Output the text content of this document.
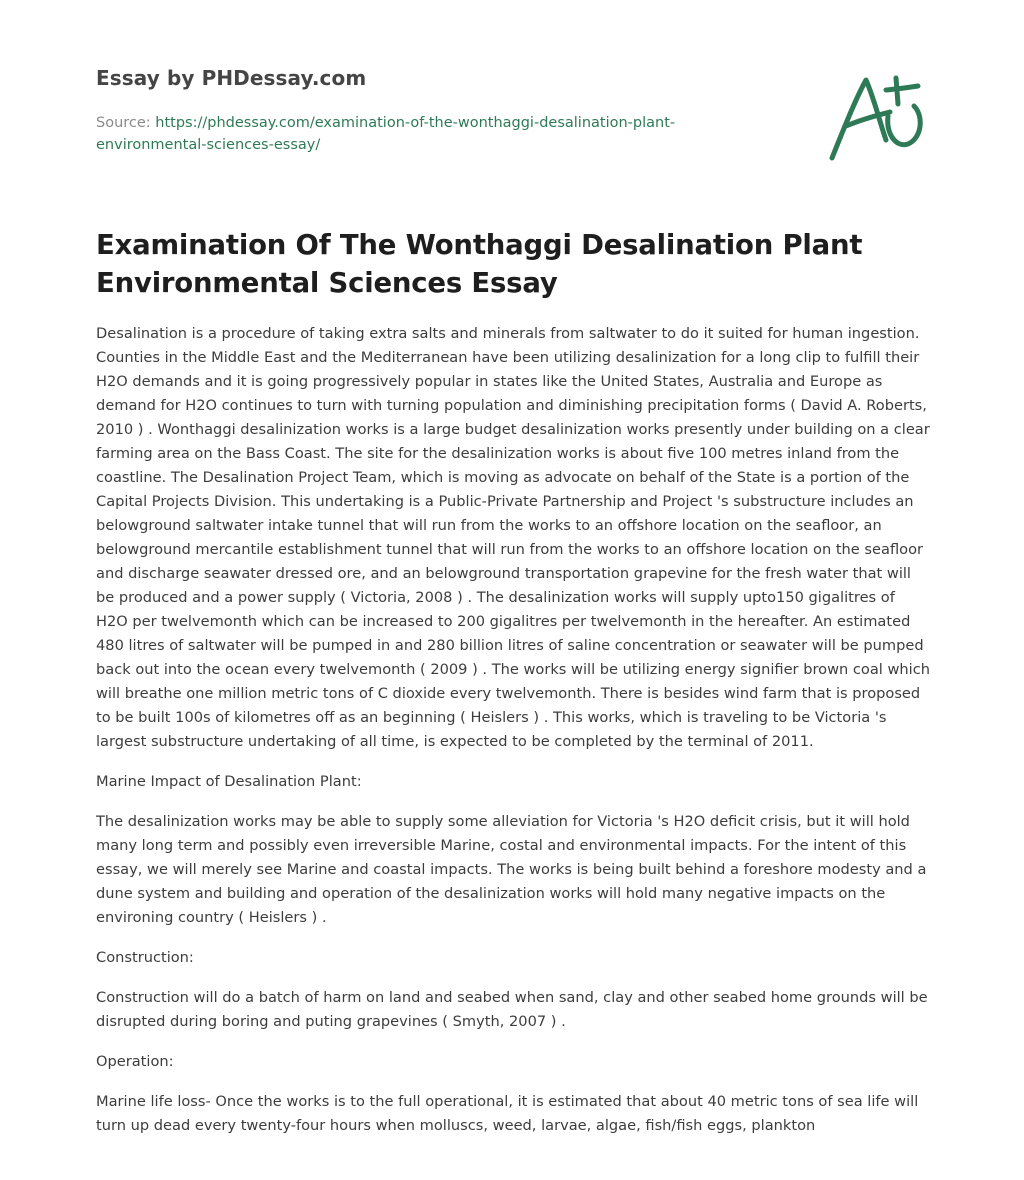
Essay by PHDessay.com
Source: https://phdessay.com/examination-of-the-wonthaggi-desalination-plant-environmental-sciences-essay/
Examination Of The Wonthaggi Desalination Plant Environmental Sciences Essay

Desalination is a procedure of taking extra salts and minerals from saltwater to do it suited for human ingestion. Counties in the Middle East and the Mediterranean have been utilizing desalinization for a long clip to fulfill their H2O demands and it is going progressively popular in states like the United States, Australia and Europe as demand for H2O continues to turn with turning population and diminishing precipitation forms ( David A. Roberts, 2010 ) . Wonthaggi desalinization works is a large budget desalinization works presently under building on a clear farming area on the Bass Coast. The site for the desalinization works is about five 100 metres inland from the coastline. The Desalination Project Team, which is moving as advocate on behalf of the State is a portion of the Capital Projects Division. This undertaking is a Public-Private Partnership and Project 's substructure includes an belowground saltwater intake tunnel that will run from the works to an offshore location on the seafloor, an belowground mercantile establishment tunnel that will run from the works to an offshore location on the seafloor and discharge seawater dressed ore, and an belowground transportation grapevine for the fresh water that will be produced and a power supply ( Victoria, 2008 ) . The desalinization works will supply upto150 gigalitres of H2O per twelvemonth which can be increased to 200 gigalitres per twelvemonth in the hereafter. An estimated 480 litres of saltwater will be pumped in and 280 billion litres of saline concentration or seawater will be pumped back out into the ocean every twelvemonth ( 2009 ) . The works will be utilizing energy signifier brown coal which will breathe one million metric tons of C dioxide every twelvemonth. There is besides wind farm that is proposed to be built 100s of kilometres off as an beginning ( Heislers ) . This works, which is traveling to be Victoria 's largest substructure undertaking of all time, is expected to be completed by the terminal of 2011.

Marine Impact of Desalination Plant:

The desalinization works may be able to supply some alleviation for Victoria 's H2O deficit crisis, but it will hold many long term and possibly even irreversible Marine, costal and environmental impacts. For the intent of this essay, we will merely see Marine and coastal impacts. The works is being built behind a foreshore modesty and a dune system and building and operation of the desalinization works will hold many negative impacts on the environing country ( Heislers ) .

Construction:

Construction will do a batch of harm on land and seabed when sand, clay and other seabed home grounds will be disrupted during boring and puting grapevines ( Smyth, 2007 ) .

Operation:

Marine life loss- Once the works is to the full operational, it is estimated that about 40 metric tons of sea life will turn up dead every twenty-four hours when molluscs, weed, larvae, algae, fish/fish eggs, plankton
